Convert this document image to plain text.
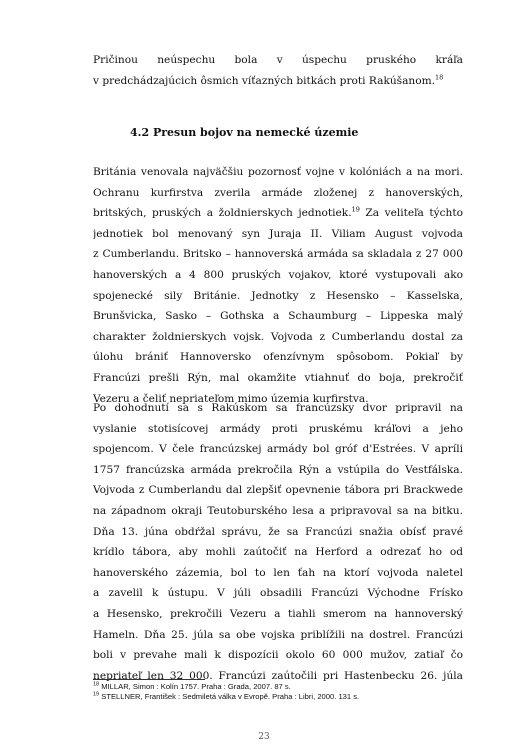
Pričinou neúspechu bola v úspechu pruského kráľa
v predchádzajúcich ôsmich víťazných bitkách proti Rakúšanom.$^{18}$

4.2 Presun bojov na nemecké územie

Británia venovala najväčšiu pozornosť vojne v kolóniách a na mori.
Ochranu kurfirstva zverila armáde zloženej z hanoverských,
britských, pruských a žoldnierskych jednotiek.$^{19}$ Za veliteľa týchto
jednotiek bol menovaný syn Juraja II. Viliam August vojvoda
z Cumberlandu. Britsko – hannoverská armáda sa skladala z 27 000
hanoverských a 4 800 pruských vojakov, ktoré vystupovali ako
spojenecké sily Británie. Jednotky z Hesensko – Kasselska,
Brunšvicka, Sasko – Gothska a Schaumburg – Lippeska malý
charakter žoldnierskych vojsk. Vojvoda z Cumberlandu dostal za
úlohu brániť Hannoversko ofenzívnym spôsobom. Pokiaľ by
Francúzi prešli Rýn, mal okamžite vtiahnuť do boja, prekročiť
Vezeru a čeliť nepriateľom mimo územia kurfirstva.
Po dohodnutí sa s Rakúskom sa francúzsky dvor pripravil na
vyslanie stotisícovej armády proti pruskému kráľovi a jeho
spojencom. V čele francúzskej armády bol gróf d'Estrées. V apríli
1757 francúzska armáda prekročila Rýn a vstúpila do Vestfálska.
Vojvoda z Cumberlandu dal zlepšiť opevnenie tábora pri Brackwede
na západnom okraji Teutoburského lesa a pripravoval sa na bitku.
Dňa 13. júna obdŕžal správu, že sa Francúzi snažia obísť pravé
krídlo tábora, aby mohli zaútočiť na Herford a odrezať ho od
hanoverského zázemia, bol to len ťah na ktorí vojvoda naletel
a zavelil k ústupu. V júli obsadili Francúzi Východne Frísko
a Hesensko, prekročili Vezeru a tiahli smerom na hannoverský
Hameln. Dňa 25. júla sa obe vojska priblížili na dostrel. Francúzi
boli v prevahe mali k dispozícii okolo 60 000 mužov, zatiaľ čo
nepriateľ len 32 000. Francúzi zaútočili pri Hastenbecku 26. júla
$^{18}$ MILLAR, Simon : Kolín 1757. Praha : Grada, 2007. 87 s.
$^{19}$ STELLNER, František : Sedmiletá válka v Evropě. Praha : Libri, 2000. 131 s.

23
